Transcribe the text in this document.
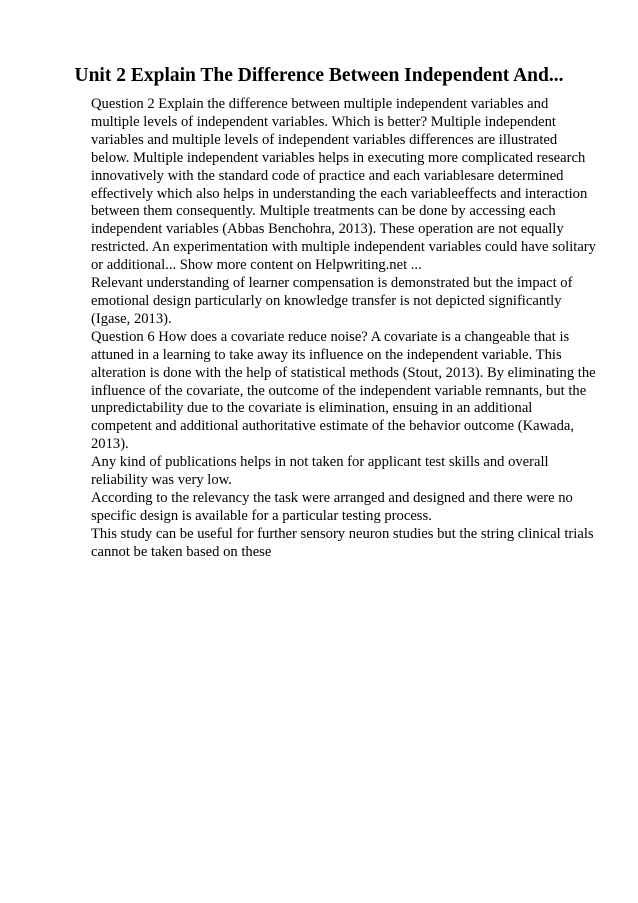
Unit 2 Explain The Difference Between Independent And...

Question 2 Explain the difference between multiple independent variables and multiple levels of independent variables. Which is better? Multiple independent variables and multiple levels of independent variables differences are illustrated below. Multiple independent variables helps in executing more complicated research innovatively with the standard code of practice and each variablesare determined effectively which also helps in understanding the each variableeffects and interaction between them consequently. Multiple treatments can be done by accessing each independent variables (Abbas Benchohra, 2013). These operation are not equally restricted. An experimentation with multiple independent variables could have solitary or additional... Show more content on Helpwriting.net ...

Relevant understanding of learner compensation is demonstrated but the impact of emotional design particularly on knowledge transfer is not depicted significantly (Igase, 2013).

Question 6 How does a covariate reduce noise? A covariate is a changeable that is attuned in a learning to take away its influence on the independent variable. This alteration is done with the help of statistical methods (Stout, 2013). By eliminating the influence of the covariate, the outcome of the independent variable remnants, but the unpredictability due to the covariate is elimination, ensuing in an additional competent and additional authoritative estimate of the behavior outcome (Kawada, 2013).

Any kind of publications helps in not taken for applicant test skills and overall reliability was very low.

According to the relevancy the task were arranged and designed and there were no specific design is available for a particular testing process.

This study can be useful for further sensory neuron studies but the string clinical trials cannot be taken based on these
